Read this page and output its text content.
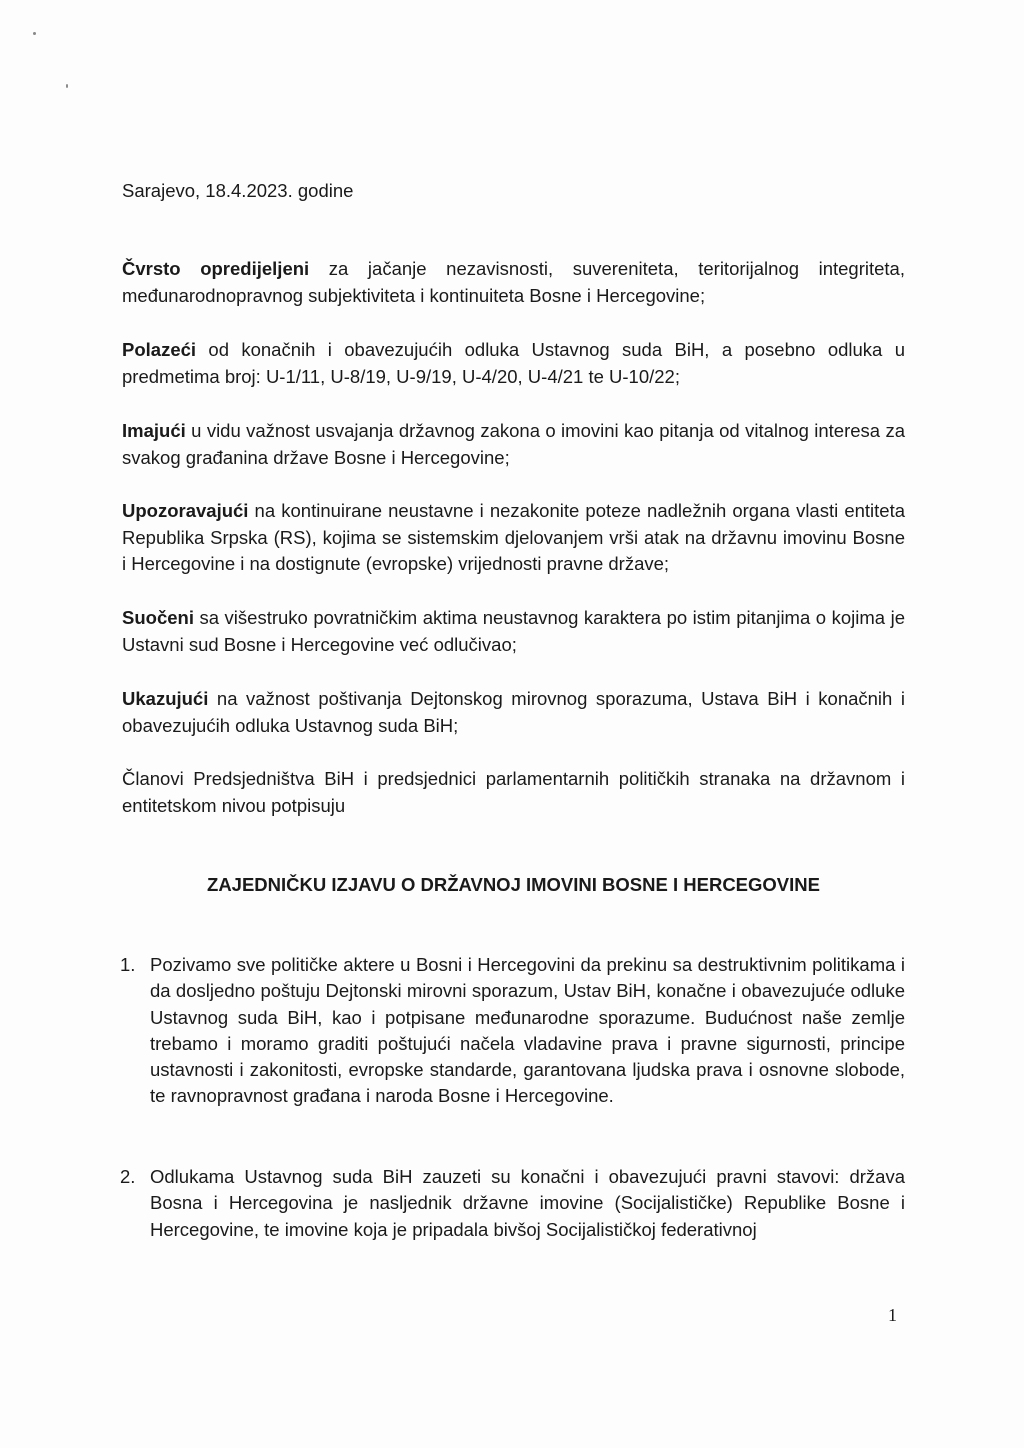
Sarajevo, 18.4.2023. godine
Čvrsto opredijeljeni za jačanje nezavisnosti, suvereniteta, teritorijalnog integriteta, međunarodnopravnog subjektiviteta i kontinuiteta Bosne i Hercegovine;
Polazeći od konačnih i obavezujućih odluka Ustavnog suda BiH, a posebno odluka u predmetima broj: U-1/11, U-8/19, U-9/19, U-4/20, U-4/21 te U-10/22;
Imajući u vidu važnost usvajanja državnog zakona o imovini kao pitanja od vitalnog interesa za svakog građanina države Bosne i Hercegovine;
Upozoravajući na kontinuirane neustavne i nezakonite poteze nadležnih organa vlasti entiteta Republika Srpska (RS), kojima se sistemskim djelovanjem vrši atak na državnu imovinu Bosne i Hercegovine i na dostignute (evropske) vrijednosti pravne države;
Suočeni sa višestruko povratničkim aktima neustavnog karaktera po istim pitanjima o kojima je Ustavni sud Bosne i Hercegovine već odlučivao;
Ukazujući na važnost poštivanja Dejtonskog mirovnog sporazuma, Ustava BiH i konačnih i obavezujućih odluka Ustavnog suda BiH;
Članovi Predsjedništva BiH i predsjednici parlamentarnih političkih stranaka na državnom i entitetskom nivou potpisuju
ZAJEDNIČKU IZJAVU O DRŽAVNOJ IMOVINI BOSNE I HERCEGOVINE
1. Pozivamo sve političke aktere u Bosni i Hercegovini da prekinu sa destruktivnim politikama i da dosljedno poštuju Dejtonski mirovni sporazum, Ustav BiH, konačne i obavezujuće odluke Ustavnog suda BiH, kao i potpisane međunarodne sporazume. Budućnost naše zemlje trebamo i moramo graditi poštujući načela vladavine prava i pravne sigurnosti, principe ustavnosti i zakonitosti, evropske standarde, garantovana ljudska prava i osnovne slobode, te ravnopravnost građana i naroda Bosne i Hercegovine.
2. Odlukama Ustavnog suda BiH zauzeti su konačni i obavezujući pravni stavovi: država Bosna i Hercegovina je nasljednik državne imovine (Socijalističke) Republike Bosne i Hercegovine, te imovine koja je pripadala bivšoj Socijalističkoj federativnoj
1
